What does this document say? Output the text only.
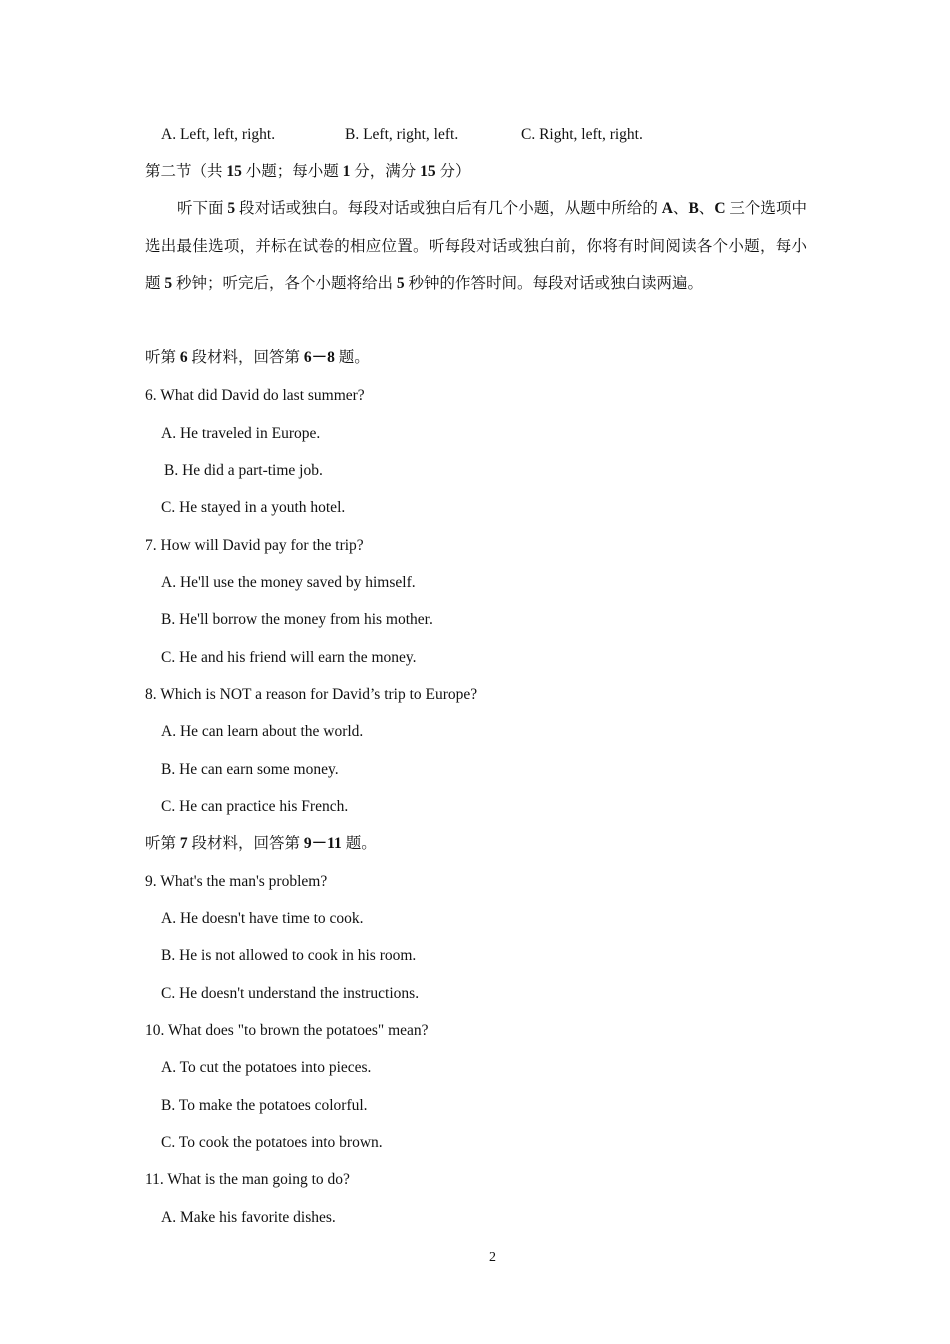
A. Left, left, right.	B. Left, right, left.	C. Right, left, right.
第二节（共 15 小题；每小题 1 分，满分 15 分）
听下面 5 段对话或独白。每段对话或独白后有几个小题，从题中所给的 A、B、C 三个选项中选出最佳选项，并标在试卷的相应位置。听每段对话或独白前，你将有时间阅读各个小题，每小题 5 秒钟；听完后，各个小题将给出 5 秒钟的作答时间。每段对话或独白读两遍。
听第 6 段材料，回答第 6－8 题。
6. What did David do last summer?
A. He traveled in Europe.
B. He did a part-time job.
C. He stayed in a youth hotel.
7. How will David pay for the trip?
A. He'll use the money saved by himself.
B. He'll borrow the money from his mother.
C. He and his friend will earn the money.
8. Which is NOT a reason for David’s trip to Europe?
A. He can learn about the world.
B. He can earn some money.
C. He can practice his French.
听第 7 段材料，回答第 9－11 题。
9. What's the man's problem?
A. He doesn't have time to cook.
B. He is not allowed to cook in his room.
C. He doesn't understand the instructions.
10. What does "to brown the potatoes" mean?
A. To cut the potatoes into pieces.
B. To make the potatoes colorful.
C. To cook the potatoes into brown.
11. What is the man going to do?
A. Make his favorite dishes.
2
